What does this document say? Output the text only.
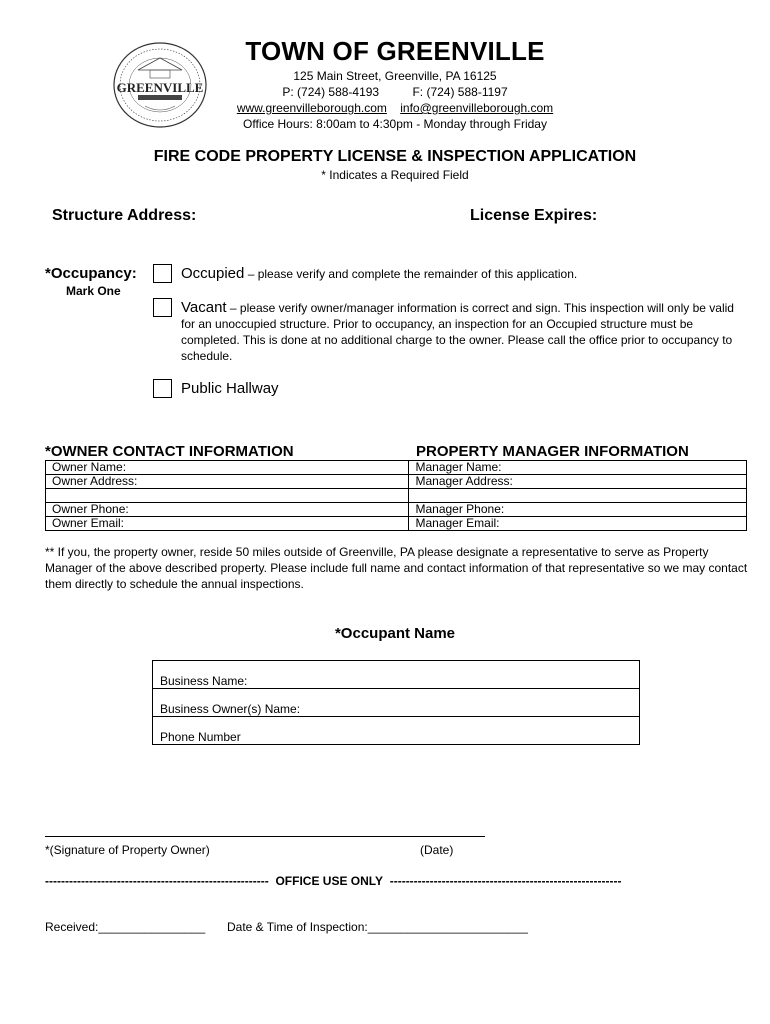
GREENVILLE
TOWN OF GREENVILLE
125 Main Street, Greenville, PA 16125
P: (724) 588-4193	F: (724) 588-1197
www.greenvilleborough.com info@greenvilleborough.com
Office Hours: 8:00am to 4:30pm - Monday through Friday
FIRE CODE PROPERTY LICENSE & INSPECTION APPLICATION
* Indicates a Required Field
Structure Address:	License Expires:
*Occupancy:
Mark One
Occupied – please verify and complete the remainder of this application.
Vacant – please verify owner/manager information is correct and sign. This inspection will only be valid for an unoccupied structure. Prior to occupancy, an inspection for an Occupied structure must be completed. This is done at no additional charge to the owner. Please call the office prior to occupancy to schedule.
Public Hallway
*OWNER CONTACT INFORMATION	PROPERTY MANAGER INFORMATION
Owner Name:	Manager Name:
Owner Address:	Manager Address:

Owner Phone:	Manager Phone:
Owner Email:	Manager Email:
** If you, the property owner, reside 50 miles outside of Greenville, PA please designate a representative to serve as Property Manager of the above described property. Please include full name and contact information of that representative so we may contact them directly to schedule the annual inspections.
*Occupant Name
Business Name:
Business Owner(s) Name:
Phone Number
*(Signature of Property Owner)	(Date)
-------------------------------------------------------- OFFICE USE ONLY ----------------------------------------------------------
Received:________________ Date & Time of Inspection:________________________
